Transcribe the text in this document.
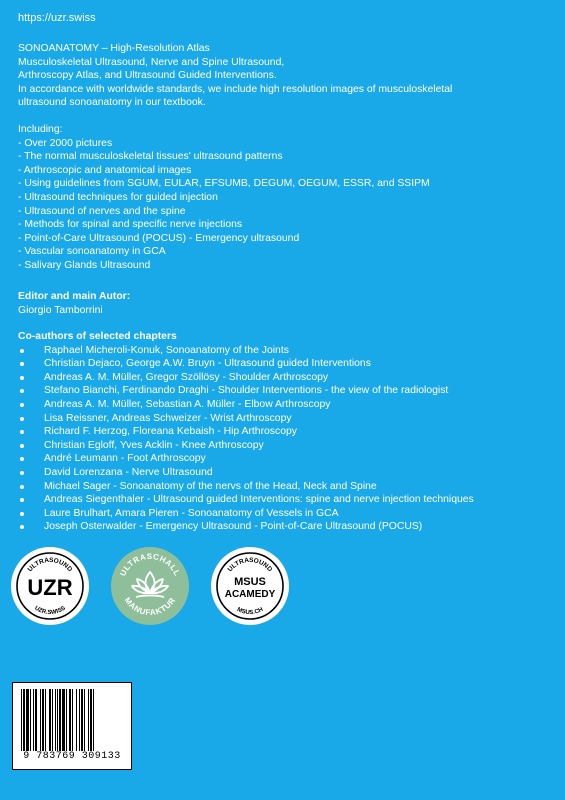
https://uzr.swiss
SONOANATOMY – High-Resolution Atlas
Musculoskeletal Ultrasound, Nerve and Spine Ultrasound,
Arthroscopy Atlas, and Ultrasound Guided Interventions.
In accordance with worldwide standards, we include high resolution images of musculoskeletal
ultrasound sonoanatomy in our textbook.
Including:
- Over 2000 pictures
- The normal musculoskeletal tissues' ultrasound patterns
- Arthroscopic and anatomical images
- Using guidelines from SGUM, EULAR, EFSUMB, DEGUM, OEGUM, ESSR, and SSIPM
- Ultrasound techniques for guided injection
- Ultrasound of nerves and the spine
- Methods for spinal and specific nerve injections
- Point-of-Care Ultrasound (POCUS) - Emergency ultrasound
- Vascular sonoanatomy in GCA
- Salivary Glands Ultrasound
Editor and main Autor:
Giorgio Tamborrini
Co-authors of selected chapters
Raphael Micheroli-Konuk, Sonoanatomy of the Joints
Christian Dejaco, George A.W. Bruyn - Ultrasound guided Interventions
Andreas A. M. Müller, Gregor Szöllösy - Shoulder Arthroscopy
Stefano Bianchi, Ferdinando Draghi - Shoulder Interventions - the view of the radiologist
Andreas A. M. Müller, Sebastian A. Müller - Elbow Arthroscopy
Lisa Reissner, Andreas Schweizer - Wrist Arthroscopy
Richard F. Herzog, Floreana Kebaish - Hip Arthroscopy
Christian Egloff, Yves Acklin - Knee Arthroscopy
André Leumann - Foot Arthroscopy
David Lorenzana - Nerve Ultrasound
Michael Sager - Sonoanatomy of the nervs of the Head, Neck and Spine
Andreas Siegenthaler - Ultrasound guided Interventions: spine and nerve injection techniques
Laure Brulhart, Amara Pieren - Sonoanatomy of Vessels in GCA
Joseph Osterwalder - Emergency Ultrasound - Point-of-Care Ultrasound (POCUS)
ULTRASOUND
UZR
UZR.SWISS
ULTRASCHALL
MANUFAKTUR
ULTRASOUND
MSUS
ACAMEDY
MSUS.CH
9 783769 309133
